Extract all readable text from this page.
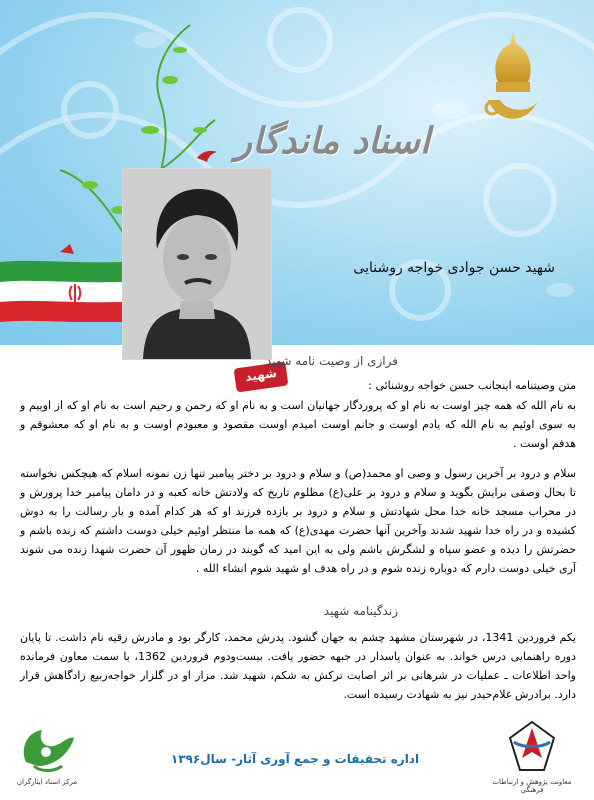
اسناد ماندگار
شهید
شهید حسن جوادی خواجه روشنایی
فرازی از وصیت نامه شهید
متن وصیتنامه اینجانب حسن خواجه روشنائی :
به نام الله که همه چیز اوست به نام او که پروردگار جهانیان است و به نام او که رحمن و رحیم است به نام او که از اوییم و به سوی اوئیم به نام الله که یادم اوست و جانم اوست امیدم اوست مقصود و معبودم اوست و به نام او که معشوقم و هدفم اوست .
سلام و درود بر آخرین رسول و وصی او محمد(ص) و سلام و درود بر دختر پیامبر تنها زن نمونه اسلام که هیچکس نخواسته تا بحال وصفی برایش بگوید و سلام و درود بر علی(ع) مظلوم تاریخ که ولادتش خانه کعبه و در دامان پیامبر خدا پرورش و در محراب مسجد خانه خدا محل شهادتش و سلام و درود بر یازده فرزند او که هر کدام آمده و بار رسالت را به دوش کشیده و در راه خدا شهید شدند وآخرین آنها حضرت مهدی(ع) که همه ما منتظر اوئیم خیلی دوست داشتم که زنده باشم و حضرتش را دیده و عضو سپاه و لشگرش باشم ولی به این امید که گویند در زمان ظهور آن حضرت شهدا زنده می شوند آری خیلی دوست دارم که دوباره زنده شوم و در راه هدف او شهید شوم انشاء الله .
زندگینامه شهید
یکم فروردین 1341، در شهرستان مشهد چشم به جهان گشود. پدرش محمد، کارگر بود و مادرش رقیه نام داشت. تا پایان دوره راهنمایی درس خواند. به عنوان پاسدار در جبهه حضور یافت. بیست‌ودوم فروردین 1362، با سمت معاون فرمانده واحد اطلاعات ـ عملیات در شرهانی بر اثر اصابت ترکش به شکم، شهید شد. مزار او در گلزار خواجه‌ربیع زادگاهش قرار دارد. برادرش غلام‌حیدر نیز به شهادت رسیده است.
مرکز اسناد ایثارگران
اداره تحقیقات و جمع آوری آثار- سال۱۳۹۶
معاونت پژوهش و ارتباطات فرهنگی
